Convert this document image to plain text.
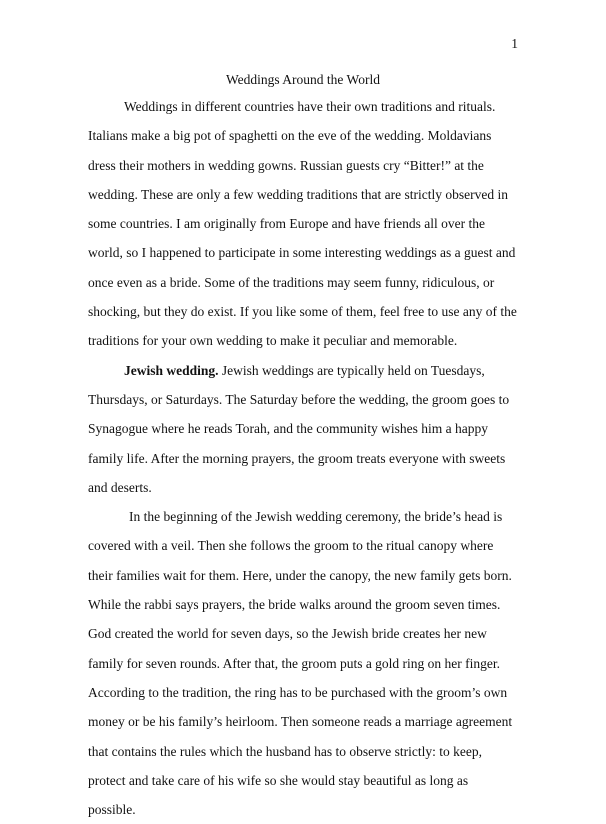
1
Weddings Around the World

Weddings in different countries have their own traditions and rituals. Italians make a big pot of spaghetti on the eve of the wedding. Moldavians dress their mothers in wedding gowns. Russian guests cry “Bitter!” at the wedding. These are only a few wedding traditions that are strictly observed in some countries. I am originally from Europe and have friends all over the world, so I happened to participate in some interesting weddings as a guest and once even as a bride. Some of the traditions may seem funny, ridiculous, or shocking, but they do exist. If you like some of them, feel free to use any of the traditions for your own wedding to make it peculiar and memorable.

Jewish wedding. Jewish weddings are typically held on Tuesdays, Thursdays, or Saturdays. The Saturday before the wedding, the groom goes to Synagogue where he reads Torah, and the community wishes him a happy family life. After the morning prayers, the groom treats everyone with sweets and deserts.

In the beginning of the Jewish wedding ceremony, the bride’s head is covered with a veil. Then she follows the groom to the ritual canopy where their families wait for them. Here, under the canopy, the new family gets born. While the rabbi says prayers, the bride walks around the groom seven times. God created the world for seven days, so the Jewish bride creates her new family for seven rounds. After that, the groom puts a gold ring on her finger. According to the tradition, the ring has to be purchased with the groom’s own money or be his family’s heirloom. Then someone reads a marriage agreement that contains the rules which the husband has to observe strictly: to keep, protect and take care of his wife so she would stay beautiful as long as possible.
